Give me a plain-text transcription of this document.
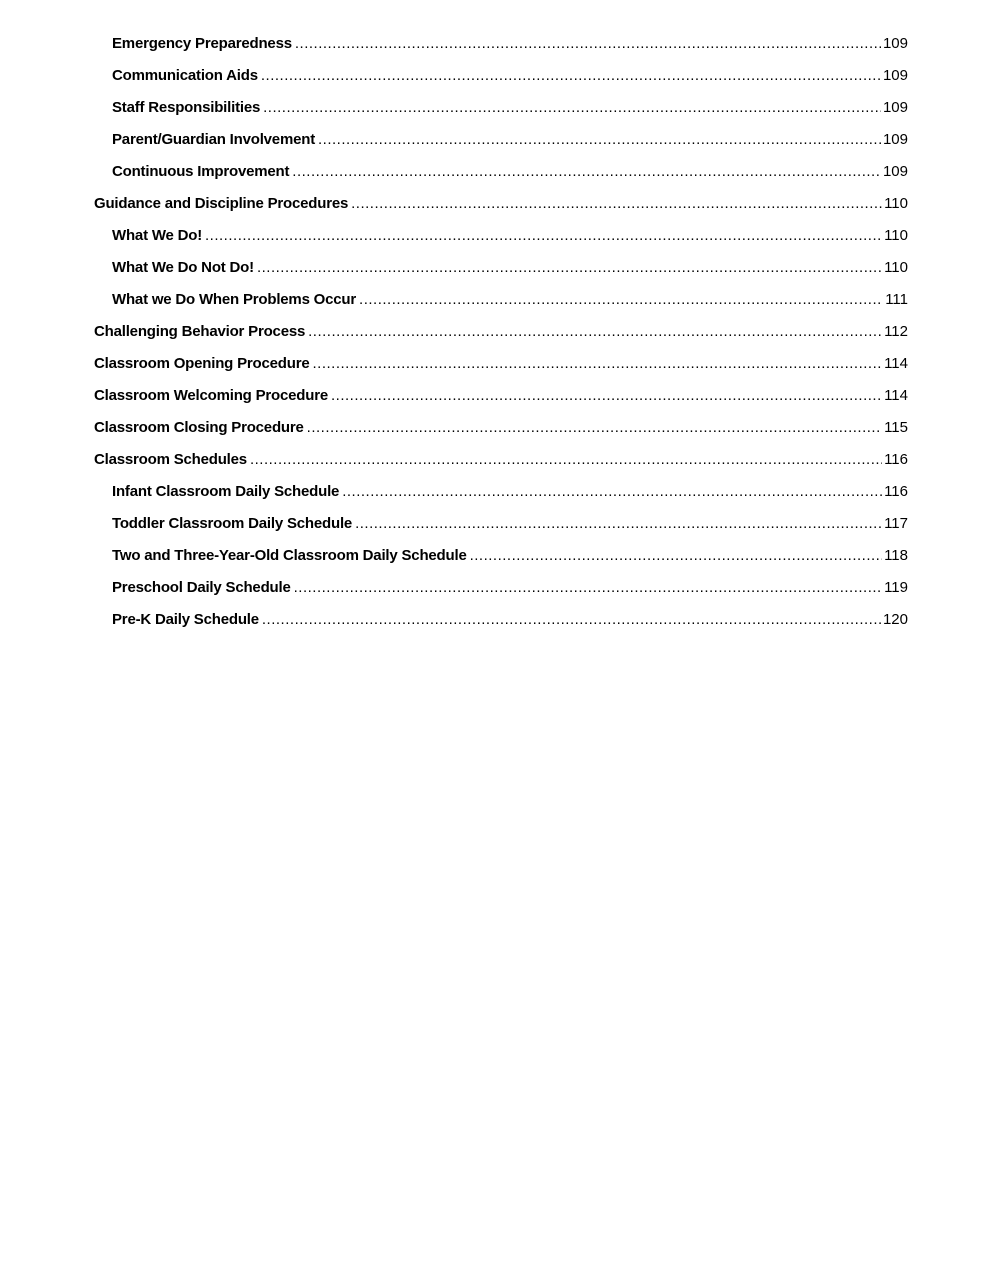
Emergency Preparedness .....	109
Communication Aids .....	109
Staff Responsibilities .....	109
Parent/Guardian Involvement .....	109
Continuous Improvement .....	109
Guidance and Discipline Procedures .....	110
What We Do! .....	110
What We Do Not Do! .....	110
What we Do When Problems Occur .....	111
Challenging Behavior Process .....	112
Classroom Opening Procedure .....	114
Classroom Welcoming Procedure .....	114
Classroom Closing Procedure .....	115
Classroom Schedules .....	116
Infant Classroom Daily Schedule .....	116
Toddler Classroom Daily Schedule .....	117
Two and Three-Year-Old Classroom Daily Schedule .....	118
Preschool Daily Schedule .....	119
Pre-K Daily Schedule .....	120
